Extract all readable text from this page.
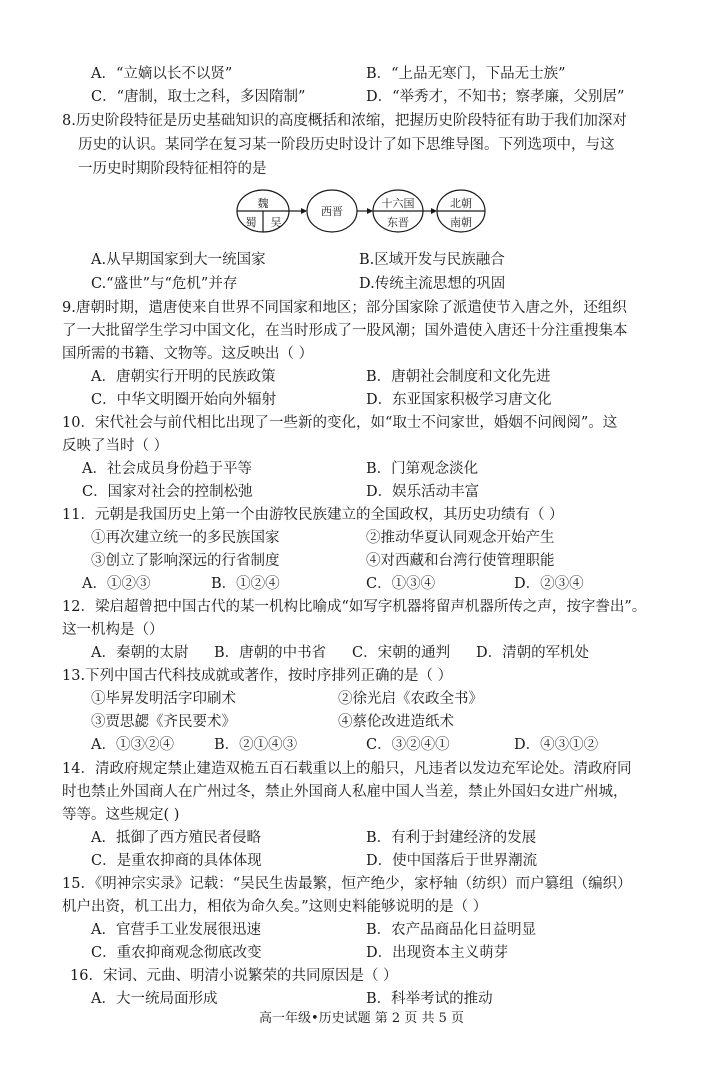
A．“立嫡以长不以贤”	B．“上品无寒门，下品无士族”
C．“唐制，取士之科，多因隋制”	D．“举秀才，不知书；察孝廉，父别居”
8.历史阶段特征是历史基础知识的高度概括和浓缩，把握历史阶段特征有助于我们加深对
历史的认识。某同学在复习某一阶段历史时设计了如下思维导图。下列选项中，与这
一历史时期阶段特征相符的是
魏
蜀 吴
西晋
十六国
东晋
北朝
南朝
A.从早期国家到大一统国家	B.区域开发与民族融合
C.“盛世”与“危机”并存	D.传统主流思想的巩固
9.唐朝时期，遣唐使来自世界不同国家和地区；部分国家除了派遣使节入唐之外，还组织
了一大批留学生学习中国文化，在当时形成了一股风潮；国外遣使入唐还十分注重搜集本
国所需的书籍、文物等。这反映出（ ）
A．唐朝实行开明的民族政策	B．唐朝社会制度和文化先进
C．中华文明圈开始向外辐射	D．东亚国家积极学习唐文化
10．宋代社会与前代相比出现了一些新的变化，如“取士不问家世，婚姻不问阀阅”。这
反映了当时（ ）
A．社会成员身份趋于平等	B．门第观念淡化
C．国家对社会的控制松弛	D．娱乐活动丰富
11．元朝是我国历史上第一个由游牧民族建立的全国政权，其历史功绩有（ ）
①再次建立统一的多民族国家	②推动华夏认同观念开始产生
③创立了影响深远的行省制度	④对西藏和台湾行使管理职能
A．①②③	B．①②④	C．①③④	D．②③④
12．梁启超曾把中国古代的某一机构比喻成“如写字机器将留声机器所传之声，按字誊出”。
这一机构是（）
A．秦朝的太尉 B．唐朝的中书省 C．宋朝的通判 D．清朝的军机处
13.下列中国古代科技成就或著作，按时序排列正确的是（ ）
①毕昇发明活字印刷术	②徐光启《农政全书》
③贾思勰《齐民要术》	④蔡伦改进造纸术
A．①③②④	B．②①④③	C．③②④①	D．④③①②
14．清政府规定禁止建造双桅五百石载重以上的船只，凡违者以发边充军论处。清政府同
时也禁止外国商人在广州过冬，禁止外国商人私雇中国人当差，禁止外国妇女进广州城，
等等。这些规定( )
A．抵御了西方殖民者侵略	B．有利于封建经济的发展
C．是重农抑商的具体体现	D．使中国落后于世界潮流
15．《明神宗实录》记载：“吴民生齿最繁，恒产绝少，家杼轴（纺织）而户篡组（编织）
机户出资，机工出力，相依为命久矣。”这则史料能够说明的是（ ）
A．官营手工业发展很迅速	B．农产品商品化日益明显
C．重农抑商观念彻底改变	D．出现资本主义萌芽
16．宋词、元曲、明清小说繁荣的共同原因是（ ）
A．大一统局面形成	B．科举考试的推动
高一年级•历史试题 第 2 页 共 5 页
